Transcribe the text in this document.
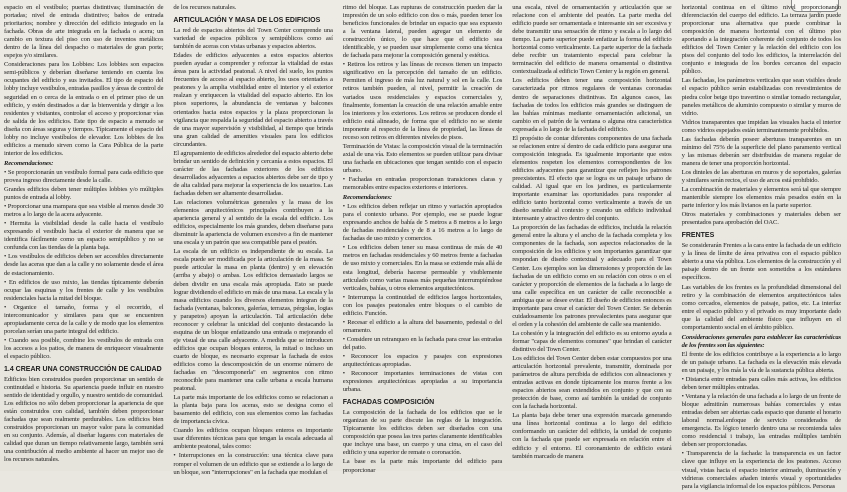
espacio en el vestíbulo; puertas distintivas; iluminación de portadas; nivel de entrada distintivo; baños de entrada prioritarios; nombre y dirección del edificio integrado en la fachada. Obras de arte integrada en la fachada o acera; un cambio en textura del piso con uso de inventos metálicos dentro de la línea del despacho o materiales de gran porte; espejos y/o similares.

Consideraciones para los Lobbies: Los lobbies son espacios semi-públicos y deberían diseñarse teniendo en cuenta los ocupantes del edificio y sus invitados. El tipo de espacio del lobby incluye vestíbulos, entradas pasillos y áreas de control de seguridad en o cerca de la entrada o en el primer piso de un edificio, y estén destinados a dar la bienvenida y dirigir a los residentes y visitantes, controlar el acceso y proporcionar vías de salida de los edificios. Este tipo de espacio a menudo se diseña con áreas seguras y tiempos. Típicamente el espacio del lobby no incluye vestíbulos de elevador. Los lobbies de los edificios a menudo sirven como la Cara Pública de la parte interior de los edificios.

Recomendaciones:

• Se proporcionarán un vestíbulo formal para cada edificio que provea ingreso directamente desde la calle.

Grandes edificios deben tener múltiples lobbies y/o múltiples puntos de entrada al lobby.

• Proporcionar una mampara que sea visible al menos desde 30 metros a lo largo de la acera adyacente.

• Hermita la visibilidad desde la calle hacia el vestíbulo expresando el vestíbulo hacia el exterior de manera que se identifica fácilmente como un espacio semipúblico y no se confunda con las tiendas de la planta baja.

• Los vestíbulos de edificios deben ser accesibles directamente desde las aceras que dan a la calle y no solamente desde el área de estacionamiento.

• En edificios de uso mixto, las tiendas típicamente deberán ocupar las esquinas y los frentes de calle y los vestíbulos residenciales hacia la mitad del bloque.

• Organice el tamaño, forma y el recorrido, el intercomunicador y similares para que se encuentren apropiadamente cerca de la calle y de modo que los elementos porcelan serían una parte integral del edificio.

• Cuando sea posible, combine los vestíbulos de entrada con los accesos a los patios, de manera de enriquecer visualmente el espacio público.

1.4 CREAR UNA CONSTRUCCIÓN DE CALIDAD

Edificios bien construidos pueden proporcionar un sentido de continuidad e historia. Su apariencia puede influir en nuestro sentido de identidad y orgullo, y nuestro sentido de comunidad. Los edificios no sólo deben proporcionar la apariencia de que están construidos con calidad, también deben proporcionar fachadas que sean realmente perdurables. Los edificios bien construidos proporcionan un mayor valor para la comunidad en su conjunto. Además, al diseñar lugares con materiales de calidad que duran un tiempo relativamente largo, también será una contribución al medio ambiente al hacer un mejor uso de los recursos naturales.

de los recursos naturales.

ARTICULACIÓN Y MASA DE LOS EDIFICIOS

La red de espacios abiertos del Town Center comprende una variedad de espacios públicos y semipúblicos como así también de aceras con vistas urbanas y espacios abiertos.

Edades de edificios adyacentes a estos espacios abiertos pueden ayudar a comprender y reforzar la vitalidad de estas áreas para la actividad peatonal. A nivel del suelo, los puntos frecuentes de acceso al espacio abierto, los usos orientados a peatones y la amplia visibilidad entre el interior y el exterior realzan y enriquecen la vitalidad del espacio abierto. En los pisos superiores, la abundancia de ventanas y balcones orientados hacia estos espacios y la plaza proporcionan la vigilancia que respalda la seguridad del espacio abierto a través de una mayor supervisión y visibilidad, al tiempo que brinda una gran calidad de amenities visuales para los edificios circundantes.

El agrupamiento de edificios alrededor del espacio abierto debe brindar un sentido de definición y cercanía a estos espacios. El carácter de las fachadas exteriores de los edificios desarrollados adyacentes a espacios abiertos debe ser de tipo y de alta calidad para mejorar la experiencia de los usuarios. Las fachadas deben ser altamente desarrolladas.

Las relaciones volumétricas generales y la masa de los elementos arquitectónicos principales contribuyen a la apariencia general y al sentido de la escala del edificio. Los edificios, especialmente los más grandes, deben diseñarse para disminuir la apariencia de volumen excesivo a fin de mantener una escala y un patrón que sea compatible para el peatón.

La escala de un edificio es independiente de su escala. La escala puede ser modificada por la articulación de la masa. Se puede articular la masa en planta (dentro) y en elevación (arriba y abajo) o ambas. Los edificios demasiado largos se deben dividir en una escala más apropiada. Esto se puede lograr dividiendo el edificio en más de una masa. La escala y la masa edificios cuando los diversos elementos integran de la fachada (ventanas, balcones, galerías, terrazas, pérgolas, logias y parapetos) apoyan la articulación. Tal articulación debe reconocer y celebrar la unicidad del conjunto destacando la esquina de un bloque enfatizando una entrada o mejorando el eje visual de una calle adyacente. A medida que se introducen edificios que ocupan bloques enteros, la mitad o incluso un cuarto de bloque, es necesario expresar la fachada de estos edificios como la descomposición de un enorme número de fachadas en "descomponerla" en segmentos con ritmo reconocible para mantener una calle urbana a escala humana peatonal.

La parte más importante de los edificios como se relacionan a la planta baja para los aceras, esto se designa como el basamento del edificio, con sus elementos como las fachadas de importancia cívica.

Cuando los edificios ocupan bloques enteros es importante usar diferentes técnicas para que tengan la escala adecuada al ambiente peatonal, tales como:

• Interrupciones en la construcción: una técnica clave para romper el volumen de un edificio que se extiende a lo largo de un bloque, son "interrupciones" en la fachada que modulan el

ritmo del bloque. Las rupturas de construcción pueden dar la impresión de un solo edificio con dos o más, pueden tener los beneficios funcionales de brindar un espacio que sea expuesto a la ventana lateral, pueden agregar un elemento de construcción único, lo que hace que el edificio sea identificable, y se pueden usar simplemente como una técnica de fachada para mejorar la composición general y estética.

• Retiros los retiros y las líneas de recesos tienen un impacto significativo en la percepción del tamaño de un edificio. Permiten el ingreso de más luz natural y sol en la calle. Los retiros también pueden, al nivel, permitir la creación de variados usos residenciales y espacios comerciales y, finalmente, fomentan la creación de una relación amable entre los interiores y los exteriores. Los retiros se producen donde el edificio está alineado, de forma que el edificio no se siente imponente al respecto de la línea de propiedad, las líneas de receso son retiros en diferentes niveles de pisos.

Terminación de Vistas: la composición visual de la terminación axial de una vía. Esto elementos se pueden utilizar para divisar una fachada en ubicaciones que tengan sentido con el espacio urbano.

• Fachadas en entradas proporcionan transiciones claras y memorables entre espacios exteriores e interiores.

Recomendaciones:

• Los edificios deben reflejar un ritmo y variación apropiados para el contexto urbano. Por ejemplo, ese se puede lograr expresando anchos de bahía de 5 metros a 8 metros a lo largo de fachadas residenciales y de 8 a 16 metros a lo largo de fachadas de uso mixto y comercios.

• Los edificios deben tener su masa continua de más de 40 metros en fachadas residenciales y 60 metros frente a fachadas de uso mixto y comerciales. En la masa se extiende más allá de esta longitud, debería hacerse permeable y visiblemente articulado como varias masas más pequeñas interrumpiéndose verticales, bahías, u otros elementos arquitectónicos.

• Interrumpa la continuidad de edificios largos horizontales, con los pasajes peatonales entre bloques o el cambio de edificio. Función.

• Recesar el edificio a la altura del basamento, pedestal o del ornamento.

• Considere un retranqueo en la fachada para crear las entradas del patio.

• Reconocer los espacios y pasajes con expresiones arquitectónicas apropiadas.

• Reconocer importantes terminaciones de vistas con expresiones arquitectónicas apropiadas a su importancia urbana.

FACHADAS COMPOSICIÓN

La composición de la fachada de los edificios que se le organizan de su parte discute las reglas de la integración. Típicamente los edificios deben ser diseñados con una composición que posea las tres partes claramente identificables que incluye una base, un cuerpo y una cima, en el caso del edificio y una superior de remate o coronación.

La base es la parte más importante del edificio para proporcionar

una escala, nivel de ornamentación y articulación que se relacione con el ambiente del peatón. La parte media del edificio puede ser ornamentada e interesante sin ser excesiva y debe transmitir una sensación de ritmo y escala a lo largo del tiempo. La parte superior puede enfatizar la forma del edificio horizontal como verticalmente. La parte superior de la fachada debe recibir un tratamiento especial para celebrar la terminación del edificio de manera ornamental o distintiva contextualizada al edificio Town Center y la región en general.

Los edificios deben tener una composición horizontal caracterizada por ritmos regulares de ventanas coronadas dentro de separaciones distintivas. En algunos casos, las fachadas de todos los edificios más grandes se distinguen de las bahías mínimas mediante ornamentación adicional, un cambio en el patrón de la ventana o alguna otra característica expresada a lo largo de la fachada del edificio.

El propósito de contar diferentes componentes de una fachada se relacionen entre sí dentro de cada edificio para asegurar una composición integrada. Es igualmente importante que estos elementos respeten los elementos correspondientes de los edificios adyacentes para garantizar que reflejen los patrones preexistentes. El efecto que se logra es un paisaje urbano de calidad. Al igual que en los jardines, es particularmente importante examinar las oportunidades para responder al edificio tanto horizontal como verticalmente a través de un diseño sensible al contexto y creando un edificio individual interesante y atractivo dentro del conjunto.

La proporción de las fachadas de edificios, incluida la relación general entre la altura y el ancho de la fachada completa y los componentes de la fachada, son aspectos relacionados de la composición de los edificios y son importantes garantizar que respondan de diseño contextual y adecuado para el Town Center. Los ejemplos son las dimensiones y proporción de las fachadas de un edificio como en su relación con otros o en el carácter y proporción de elementos de la fachada a lo largo de una calle específica en un carácter de calle reconocible a ambigua que se desee evitar. El diseño de edificios entonces es importante para crear el carácter del Town Center. Se deberán cuidadosamente los patrones prevalecientes para asegurar que el orden y la cohesión del ambiente de calle sea mantenido.

La cohesión y la integración del edificio es su entorno ayuda a formar "capas de elementos comunes" que brindan el carácter distintivo del Town Center.

Los edificios del Town Center deben estar compuestos por una articulación horizontal prevalente, transmitir, dominada por parámetros de altura percibida de edificios con alineaciones y entradas activas en donde típicamente los muros frente a los espacios abiertos sean extendidos en conjunto y que con su protección de base, como así también la unidad de conjunto con la fachada horizontal.

La planta baja debe tener una expresión marcada generando una línea horizontal continua a lo largo del edificio conformando un carácter del edificio, la unidad de conjunto con la fachada que puede ser expresada en relación entre el edificio y el entorno. El coronamiento de edificio estará también marcado de manera

horizontal continua en el último nivel proporcionando diferenciación del cuerpo del edificio. La terraza jardín puede proporcionar una alternativa que puede combinar la composición de manera horizontal con el último piso aportando a la integración coherente del conjunto de todos los edificios del Town Center y la relación del edificio con los pisos del conjunto del todo los edificios, la interrelación del conjunto e integrada de los bordes cercanos del espacio público.

Las fachadas, los parámetros verticales que sean visibles desde el espacio público serán estabilizadas con revestimientos de piedra color beige tipo travertino o similar tomado rectangular, paneles metálicos de aluminio compuesto o similar y muros de vidrio.

Vidrios transparentes que impidan las visuales hacia el interior como vidrios espejados están terminantemente prohibidos.

Las fachadas deberán poseer aberturas transparentes en un mínimo del 75% de la superficie del plano paramento vertical y las mismas deberán ser distribuidas de manera regular de manera de tener una proporción horizontal.

Los dinteles de las aberturas en muros y de soportales, galerías y similares serán rectos, el uso de arcos está prohibido.

La combinación de materiales y elementos será tal que siempre mantenible siempre los elementos más pesados estén en la parte inferior y los más livianos en la parte superior.

Otros materiales y combinaciones y materiales deben ser presentados para aprobación del OAC.

FRENTES

Se considerarán Frentes a la cara entre la fachada de un edificio y la línea de límite de área privativa con el espacio público abierto a una vía pública. Los elementos de la construcción y el paisaje dentro de un frente son sometidos a los estándares específicos.

Las variables de los frentes es la profundidad dimensional del retiro y la combinación de elementos arquitectónicos tales como cercados, elementos de paisaje, patios, etc. La interfaz entre el espacio público y el privado es muy importante dado que la calidad del ambiente físico que influyen en el comportamiento social en el ámbito público.

Consideraciones generales para establecer las características de los frentes son las siguientes:

El frente de los edificios contribuye a la experiencia a lo largo de un paisaje urbano. La fachada es la elevación más elevada en un paisaje, y los más la vía de la sustancia pública abierta.

• Distancia entre entradas para calles más activas, los edificios deben tener múltiples entradas.

• Ventana y la relación de una fachada a lo largo de un frente de bloque admitirán numerosas bahías comerciales y estas entradas deben ser abiertas cada espacio que durante el horario laboral normal.enfoque de servicio considerados de emergencia. Es lógico tenerlo dentro una se recomienda tales como residencial i trabajo, las entradas múltiples también deben ser proporcionadas.

• Transparencia de la fachada: la transparencia es un factor clave que influye en la experiencia de los peatones. Acceso visual, vistas hacia el espacio interior animado, iluminación y vidrieras comerciales añaden interés visual y oportunidades para la vigilancia informal de los espacios públicos. Personas
